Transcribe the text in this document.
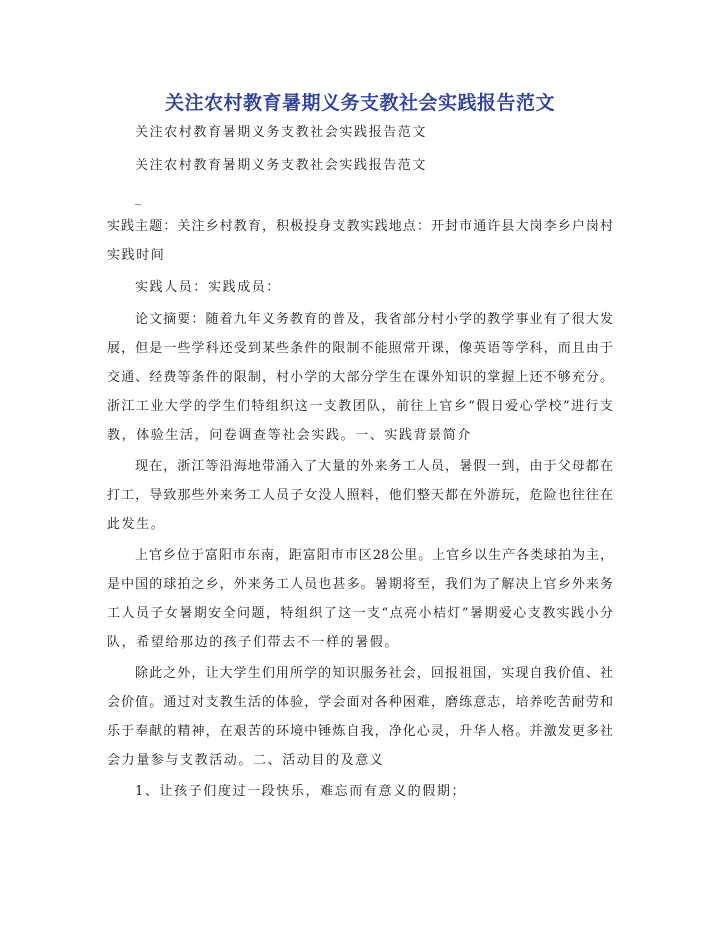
关注农村教育暑期义务支教社会实践报告范文
关注农村教育暑期义务支教社会实践报告范文
关注农村教育暑期义务支教社会实践报告范文
_
实践主题：关注乡村教育，积极投身支教实践地点：开封市通许县大岗李乡户岗村
实践时间
实践人员：实践成员：
论文摘要：随着九年义务教育的普及，我省部分村小学的教学事业有了很大发
展，但是一些学科还受到某些条件的限制不能照常开课，像英语等学科，而且由于
交通、经费等条件的限制，村小学的大部分学生在课外知识的掌握上还不够充分。
浙江工业大学的学生们特组织这一支教团队，前往上官乡“假日爱心学校”进行支
教，体验生活，问卷调查等社会实践。一、实践背景简介
现在，浙江等沿海地带涌入了大量的外来务工人员，暑假一到，由于父母都在
打工，导致那些外来务工人员子女没人照料，他们整天都在外游玩，危险也往往在
此发生。
上官乡位于富阳市东南，距富阳市市区28公里。上官乡以生产各类球拍为主，
是中国的球拍之乡，外来务工人员也甚多。暑期将至，我们为了解决上官乡外来务
工人员子女暑期安全问题，特组织了这一支“点亮小桔灯”暑期爱心支教实践小分
队，希望给那边的孩子们带去不一样的暑假。
除此之外，让大学生们用所学的知识服务社会，回报祖国，实现自我价值、社
会价值。通过对支教生活的体验，学会面对各种困难，磨练意志，培养吃苦耐劳和
乐于奉献的精神，在艰苦的环境中锤炼自我，净化心灵，升华人格。并激发更多社
会力量参与支教活动。二、活动目的及意义
1、让孩子们度过一段快乐，难忘而有意义的假期；
